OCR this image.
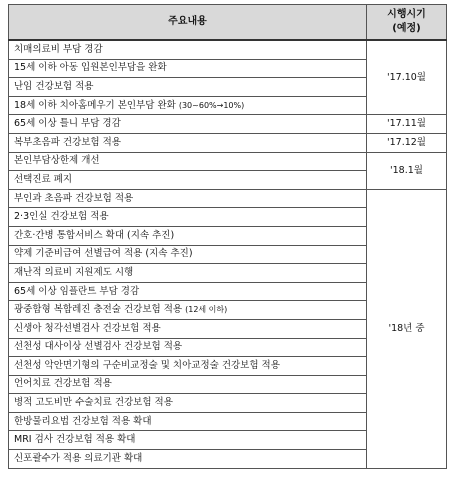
주요내용	시행시기
(예정)

치매의료비 부담 경감	'17.10월
15세 이하 아동 입원본인부담을 완화	
난임 건강보험 적용	
18세 이하 치아홈메우기 본인부담 완화 (30~60%→10%)	
65세 이상 틀니 부담 경감	'17.11월
복부초음파 건강보험 적용	'17.12월
본인부담상한제 개선	'18.1월
선택진료 폐지	
부인과 초음파 건강보험 적용	'18년 중
2·3인실 건강보험 적용	
간호·간병 통합서비스 확대 (지속 추진)	
약제 기준비급여 선별급여 적용 (지속 추진)	
재난적 의료비 지원제도 시행	
65세 이상 임플란트 부담 경감	
광중합형 복합레진 충전술 건강보험 적용 (12세 이하)	
신생아 청각선별검사 건강보험 적용	
선천성 대사이상 선별검사 건강보험 적용	
선천성 악안면기형의 구순비교정술 및 치아교정술 건강보험 적용	
언어치료 건강보험 적용	
병적 고도비만 수술치료 건강보험 적용	
한방물리요법 건강보험 적용 확대	
MRI 검사 건강보험 적용 확대	
신포괄수가 적용 의료기관 확대	
